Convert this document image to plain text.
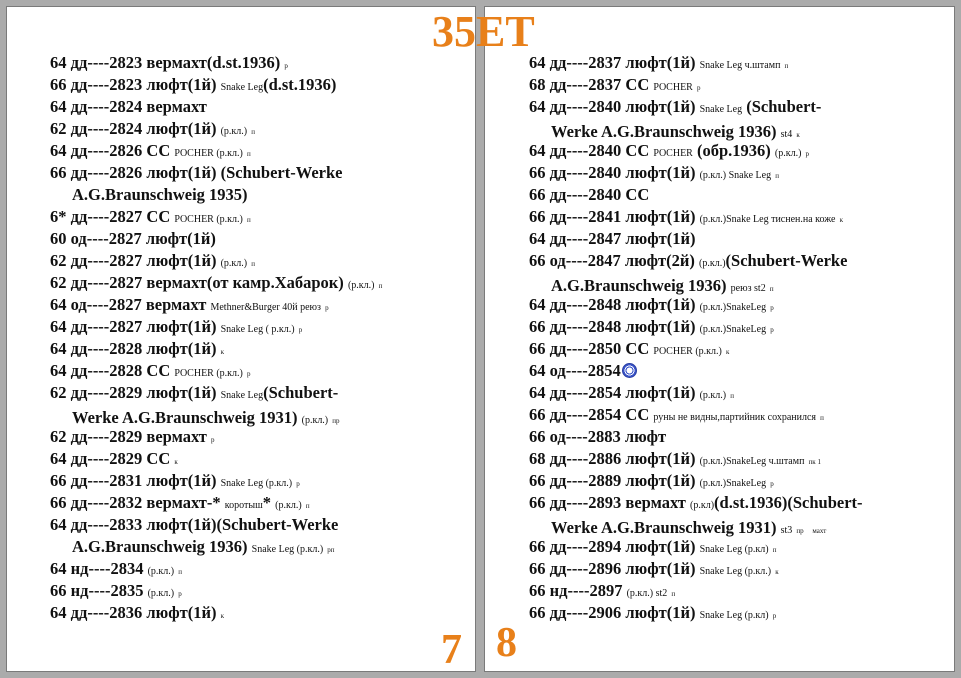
64 дд----2823 вермахт(d.st.1936) р
66 дд----2823 люфт(1й) Snake Leg(d.st.1936)
64 дд----2824 вермахт
62 дд----2824 люфт(1й) (р.кл.) п
64 дд----2826 СС POCHER (р.кл.) п
66 дд----2826 люфт(1й) (Schubert-Werke
A.G.Braunschweig 1935)
6* дд----2827 СС POCHER (р.кл.) п
60 од----2827 люфт(1й)
62 дд----2827 люфт(1й) (р.кл.) п
62 дд----2827 вермахт(от камр.Хабарок) (р.кл.) п
64 од----2827 вермахт Methner&Burger 40й реюз р
64 дд----2827 люфт(1й) Snake Leg ( р.кл.) р
64 дд----2828 люфт(1й) к
64 дд----2828 СС POCHER (р.кл.) р
62 дд----2829 люфт(1й) Snake Leg(Schubert-
Werke A.G.Braunschweig 1931) (р.кл.) пр
62 дд----2829 вермахт р
64 дд----2829 СС к
66 дд----2831 люфт(1й) Snake Leg (р.кл.) р
66 дд----2832 вермахт-* коротыш* (р.кл.) п
64 дд----2833 люфт(1й)(Schubert-Werke
A.G.Braunschweig 1936) Snake Leg (р.кл.) рп
64 нд----2834 (р.кл.) п
66 нд----2835 (р.кл.) р
64 дд----2836 люфт(1й) к
7
64 дд----2837 люфт(1й) Snake Leg ч.штамп п
68 дд----2837 СС POCHER р
64 дд----2840 люфт(1й) Snake Leg (Schubert-
Werke A.G.Braunschweig 1936) st4 к
64 дд----2840 СС POCHER (обр.1936) (р.кл.) р
66 дд----2840 люфт(1й) (р.кл.) Snake Leg п
66 дд----2840 СС
66 дд----2841 люфт(1й) (р.кл.)Snake Leg тиснен.на коже к
64 дд----2847 люфт(1й)
66 од----2847 люфт(2й) (р.кл.)(Schubert-Werke
A.G.Braunschweig 1936) реюз st2 п
64 дд----2848 люфт(1й) (р.кл.)SnakeLeg р
66 дд----2848 люфт(1й) (р.кл.)SnakeLeg р
66 дд----2850 СС POCHER (р.кл.) к
64 од----2854
64 дд----2854 люфт(1й) (р.кл.) п
66 дд----2854 СС руны не видны,партийник сохранился п
66 од----2883 люфт
68 дд----2886 люфт(1й) (р.кл.)SnakeLeg ч.штамп пк 1
66 дд----2889 люфт(1й) (р.кл.)SnakeLeg р
66 дд----2893 вермахт (р.кл)(d.st.1936)(Schubert-
Werke A.G.Braunschweig 1931) st3 пр     махт
66 дд----2894 люфт(1й) Snake Leg (р.кл) п
66 дд----2896 люфт(1й) Snake Leg (р.кл.) к
66 нд----2897 (р.кл.) st2 п
66 дд----2906 люфт(1й) Snake Leg (р.кл) р
8
35ЕТ
